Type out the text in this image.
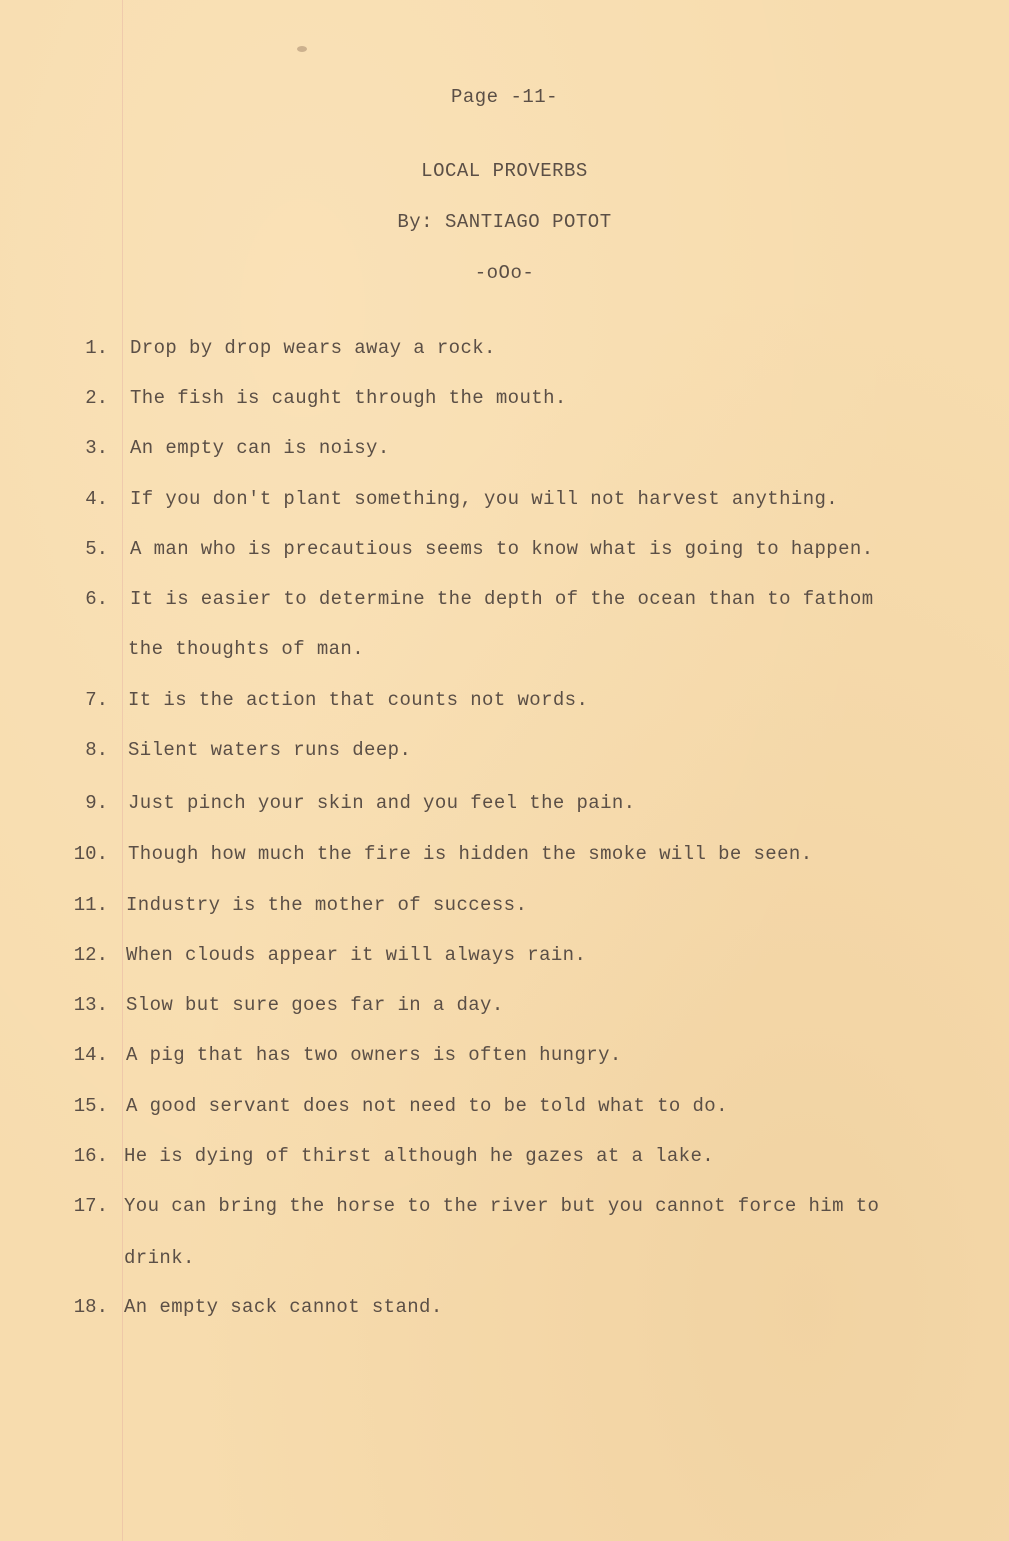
Page -11-
LOCAL PROVERBS
By: SANTIAGO POTOT
-oOo-
1. Drop by drop wears away a rock.
2. The fish is caught through the mouth.
3. An empty can is noisy.
4. If you don't plant something, you will not harvest anything.
5. A man who is precautious seems to know what is going to happen.
6. It is easier to determine the depth of the ocean than to fathom
the thoughts of man.
7. It is the action that counts not words.
8. Silent waters runs deep.
9. Just pinch your skin and you feel the pain.
10. Though how much the fire is hidden the smoke will be seen.
11. Industry is the mother of success.
12. When clouds appear it will always rain.
13. Slow but sure goes far in a day.
14. A pig that has two owners is often hungry.
15. A good servant does not need to be told what to do.
16. He is dying of thirst although he gazes at a lake.
17. You can bring the horse to the river but you cannot force him to
drink.
18. An empty sack cannot stand.
